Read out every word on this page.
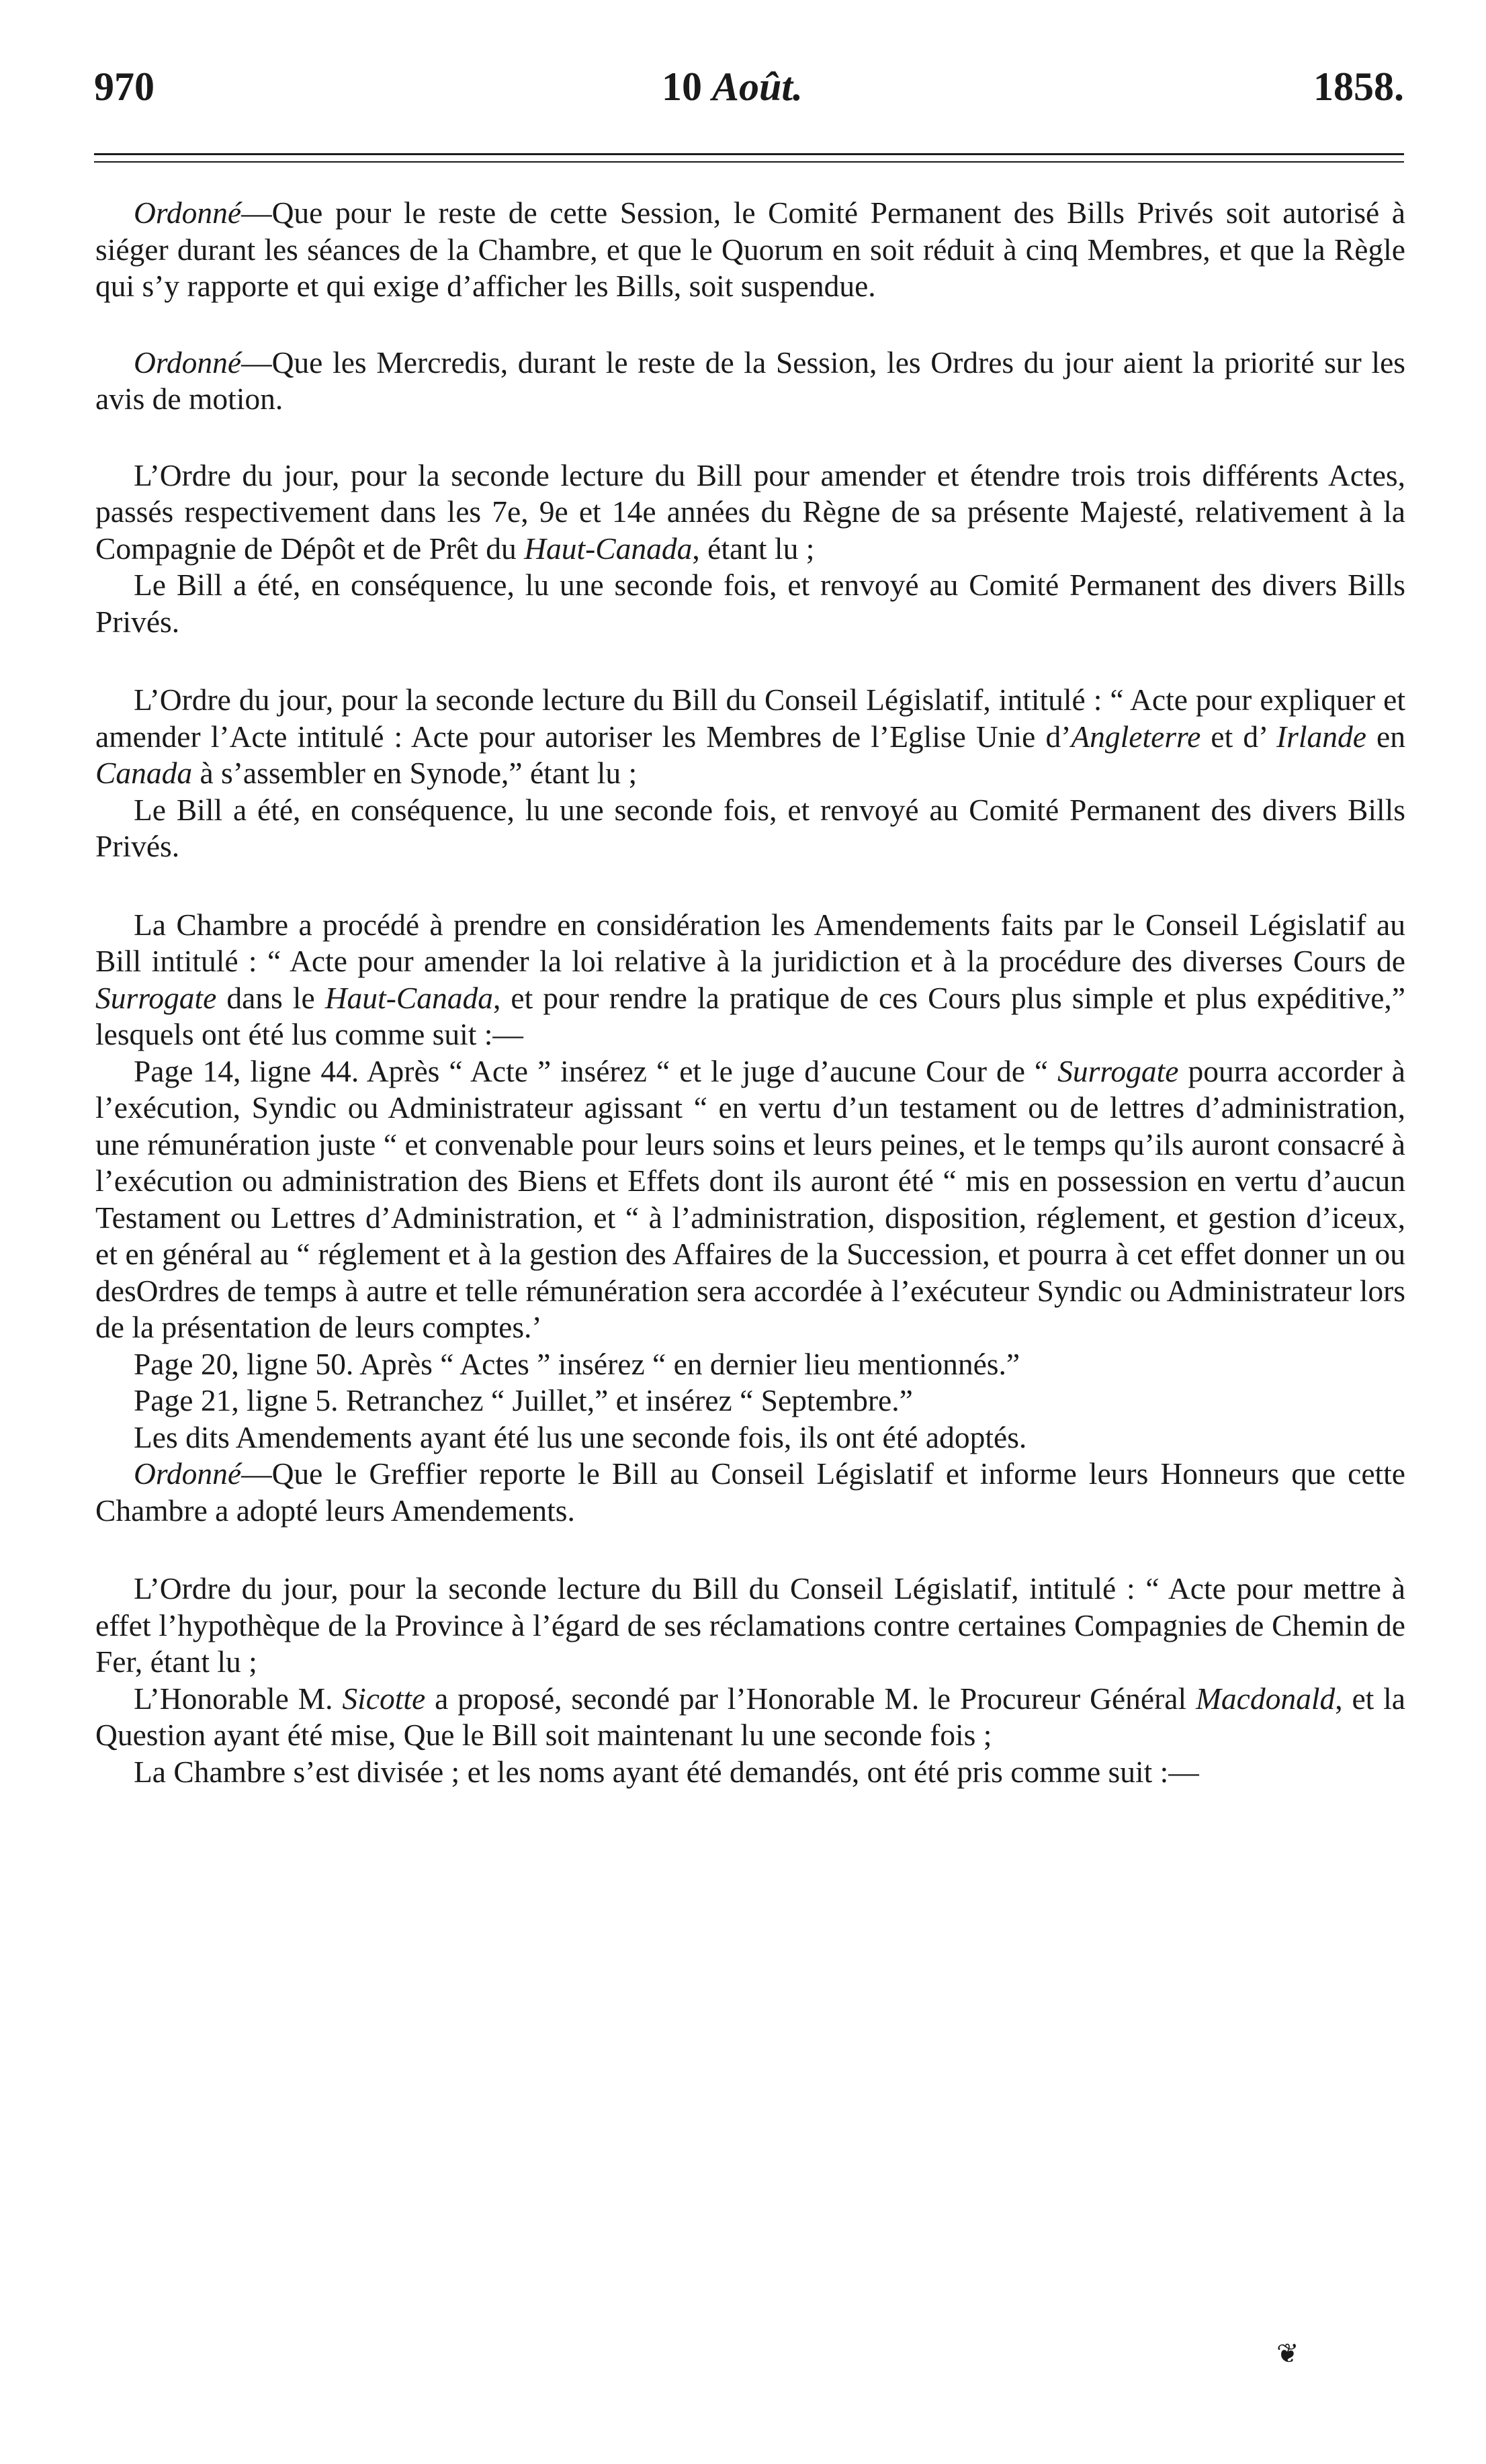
970	10 Août.	1858.

Ordonné—Que pour le reste de cette Session, le Comité Permanent des Bills Privés soit autorisé à siéger durant les séances de la Chambre, et que le Quorum en soit réduit à cinq Membres, et que la Règle qui s’y rapporte et qui exige d’afficher les Bills, soit suspendue.

Ordonné—Que les Mercredis, durant le reste de la Session, les Ordres du jour aient la priorité sur les avis de motion.

L’Ordre du jour, pour la seconde lecture du Bill pour amender et étendre trois trois différents Actes, passés respectivement dans les 7e, 9e et 14e années du Règne de sa présente Majesté, relativement à la Compagnie de Dépôt et de Prêt du Haut-Canada, étant lu ;

Le Bill a été, en conséquence, lu une seconde fois, et renvoyé au Comité Permanent des divers Bills Privés.

L’Ordre du jour, pour la seconde lecture du Bill du Conseil Législatif, intitulé : “ Acte pour expliquer et amender l’Acte intitulé : Acte pour autoriser les Membres de l’Eglise Unie d’Angleterre et d’ Irlande en Canada à s’assembler en Synode,” étant lu ;

Le Bill a été, en conséquence, lu une seconde fois, et renvoyé au Comité Permanent des divers Bills Privés.

La Chambre a procédé à prendre en considération les Amendements faits par le Conseil Législatif au Bill intitulé : “ Acte pour amender la loi relative à la juridiction et à la procédure des diverses Cours de Surrogate dans le Haut-Canada, et pour rendre la pratique de ces Cours plus simple et plus expéditive,” lesquels ont été lus comme suit :—

Page 14, ligne 44. Après “ Acte ” insérez “ et le juge d’aucune Cour de “ Surrogate pourra accorder à l’exécution, Syndic ou Administrateur agissant “ en vertu d’un testament ou de lettres d’administration, une rémunération juste “ et convenable pour leurs soins et leurs peines, et le temps qu’ils auront consacré à l’exécution ou administration des Biens et Effets dont ils auront été “ mis en possession en vertu d’aucun Testament ou Lettres d’Administration, et “ à l’administration, disposition, réglement, et gestion d’iceux, et en général au “ réglement et à la gestion des Affaires de la Succession, et pourra à cet effet donner un ou desOrdres de temps à autre et telle rémunération sera accordée à l’exécuteur Syndic ou Administrateur lors de la présentation de leurs comptes.’

Page 20, ligne 50. Après “ Actes ” insérez “ en dernier lieu mentionnés.”

Page 21, ligne 5. Retranchez “ Juillet,” et insérez “ Septembre.”

Les dits Amendements ayant été lus une seconde fois, ils ont été adoptés.

Ordonné—Que le Greffier reporte le Bill au Conseil Législatif et informe leurs Honneurs que cette Chambre a adopté leurs Amendements.

L’Ordre du jour, pour la seconde lecture du Bill du Conseil Législatif, intitulé : “ Acte pour mettre à effet l’hypothèque de la Province à l’égard de ses réclamations contre certaines Compagnies de Chemin de Fer, étant lu ;

L’Honorable M. Sicotte a proposé, secondé par l’Honorable M. le Procureur Général Macdonald, et la Question ayant été mise, Que le Bill soit maintenant lu une seconde fois ;

La Chambre s’est divisée ; et les noms ayant été demandés, ont été pris comme suit :—

❦
